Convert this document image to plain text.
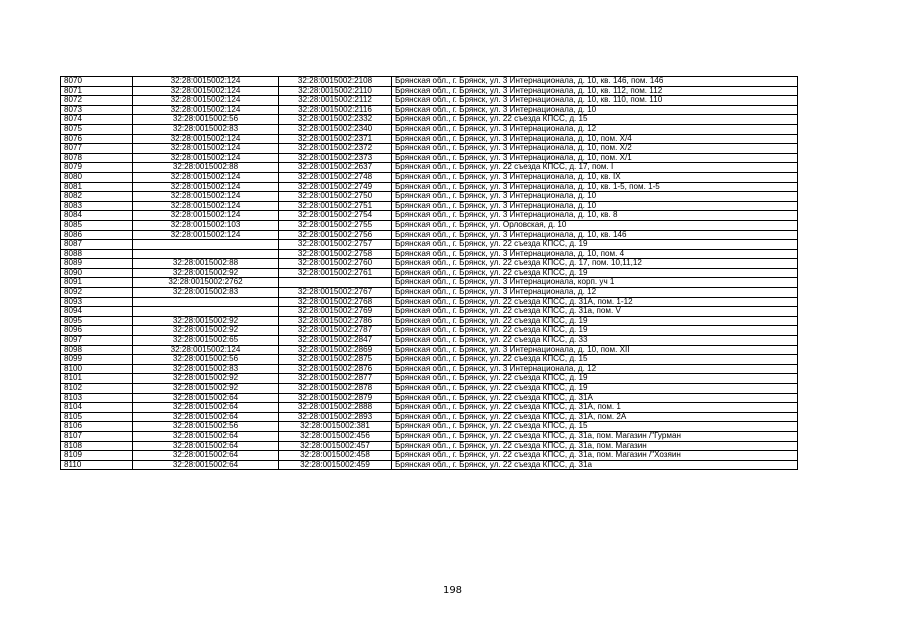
8070	32:28:0015002:124	32:28:0015002:2108	Брянская обл., г. Брянск, ул. 3 Интернационала, д. 10, кв. 146, пом. 146
8071	32:28:0015002:124	32:28:0015002:2110	Брянская обл., г. Брянск, ул. 3 Интернационала, д. 10, кв. 112, пом. 112
8072	32:28:0015002:124	32:28:0015002:2112	Брянская обл., г. Брянск, ул. 3 Интернационала, д. 10, кв. 110, пом. 110
8073	32:28:0015002:124	32:28:0015002:2116	Брянская обл., г. Брянск, ул. 3 Интернационала, д. 10
8074	32:28:0015002:56	32:28:0015002:2332	Брянская обл., г. Брянск, ул. 22 съезда КПСС, д. 15
8075	32:28:0015002:83	32:28:0015002:2340	Брянская обл., г. Брянск, ул. 3 Интернационала, д. 12
8076	32:28:0015002:124	32:28:0015002:2371	Брянская обл., г. Брянск, ул. 3 Интернационала, д. 10, пом. Х/4
8077	32:28:0015002:124	32:28:0015002:2372	Брянская обл., г. Брянск, ул. 3 Интернационала, д. 10, пом. Х/2
8078	32:28:0015002:124	32:28:0015002:2373	Брянская обл., г. Брянск, ул. 3 Интернационала, д. 10, пом. Х/1
8079	32:28:0015002:88	32:28:0015002:2637	Брянская обл., г. Брянск, ул. 22 съезда КПСС, д. 17, пом. I
8080	32:28:0015002:124	32:28:0015002:2748	Брянская обл., г. Брянск, ул. 3 Интернационала, д. 10, кв. IX
8081	32:28:0015002:124	32:28:0015002:2749	Брянская обл., г. Брянск, ул. 3 Интернационала, д. 10, кв. 1-5, пом. 1-5
8082	32:28:0015002:124	32:28:0015002:2750	Брянская обл., г. Брянск, ул. 3 Интернационала, д. 10
8083	32:28:0015002:124	32:28:0015002:2751	Брянская обл., г. Брянск, ул. 3 Интернационала, д. 10
8084	32:28:0015002:124	32:28:0015002:2754	Брянская обл., г. Брянск, ул. 3 Интернационала, д. 10, кв. 8
8085	32:28:0015002:103	32:28:0015002:2755	Брянская обл., г. Брянск, ул. Орловская, д. 10
8086	32:28:0015002:124	32:28:0015002:2756	Брянская обл., г. Брянск, ул. 3 Интернационала, д. 10, кв. 146
8087		32:28:0015002:2757	Брянская обл., г. Брянск, ул. 22 съезда КПСС, д. 19
8088		32:28:0015002:2758	Брянская обл., г. Брянск, ул. 3 Интернационала, д. 10, пом. 4
8089	32:28:0015002:88	32:28:0015002:2760	Брянская обл., г. Брянск, ул. 22 съезда КПСС, д. 17, пом. 10,11,12
8090	32:28:0015002:92	32:28:0015002:2761	Брянская обл., г. Брянск, ул. 22 съезда КПСС, д. 19
8091	32:28:0015002:2762		Брянская обл., г. Брянск, ул. 3 Интернационала, корп. уч 1
8092	32:28:0015002:83	32:28:0015002:2767	Брянская обл., г. Брянск, ул. 3 Интернационала, д. 12
8093		32:28:0015002:2768	Брянская обл., г. Брянск, ул. 22 съезда КПСС, д. 31А, пом. 1-12
8094		32:28:0015002:2769	Брянская обл., г. Брянск, ул. 22 съезда КПСС, д. 31а, пом. V
8095	32:28:0015002:92	32:28:0015002:2786	Брянская обл., г. Брянск, ул. 22 съезда КПСС, д. 19
8096	32:28:0015002:92	32:28:0015002:2787	Брянская обл., г. Брянск, ул. 22 съезда КПСС, д. 19
8097	32:28:0015002:65	32:28:0015002:2847	Брянская обл., г. Брянск, ул. 22 съезда КПСС, д. 33
8098	32:28:0015002:124	32:28:0015002:2869	Брянская обл., г. Брянск, ул. 3 Интернационала, д. 10, пом. XII
8099	32:28:0015002:56	32:28:0015002:2875	Брянская обл., г. Брянск, ул. 22 съезда КПСС, д. 15
8100	32:28:0015002:83	32:28:0015002:2876	Брянская обл., г. Брянск, ул. 3 Интернационала, д. 12
8101	32:28:0015002:92	32:28:0015002:2877	Брянская обл., г. Брянск, ул. 22 съезда КПСС, д. 19
8102	32:28:0015002:92	32:28:0015002:2878	Брянская обл., г. Брянск, ул. 22 съезда КПСС, д. 19
8103	32:28:0015002:64	32:28:0015002:2879	Брянская обл., г. Брянск, ул. 22 съезда КПСС, д. 31А
8104	32:28:0015002:64	32:28:0015002:2888	Брянская обл., г. Брянск, ул. 22 съезда КПСС, д. 31А, пом. 1
8105	32:28:0015002:64	32:28:0015002:2893	Брянская обл., г. Брянск, ул. 22 съезда КПСС, д. 31А, пом. 2А
8106	32:28:0015002:56	32:28:0015002:381	Брянская обл., г. Брянск, ул. 22 съезда КПСС, д. 15
8107	32:28:0015002:64	32:28:0015002:456	Брянская обл., г. Брянск, ул. 22 съезда КПСС, д. 31а, пом. Магазин /"Гурман
8108	32:28:0015002:64	32:28:0015002:457	Брянская обл., г. Брянск, ул. 22 съезда КПСС, д. 31а, пом. Магазин
8109	32:28:0015002:64	32:28:0015002:458	Брянская обл., г. Брянск, ул. 22 съезда КПСС, д. 31а, пом. Магазин /"Хозяин
8110	32:28:0015002:64	32:28:0015002:459	Брянская обл., г. Брянск, ул. 22 съезда КПСС, д. 31а
198
